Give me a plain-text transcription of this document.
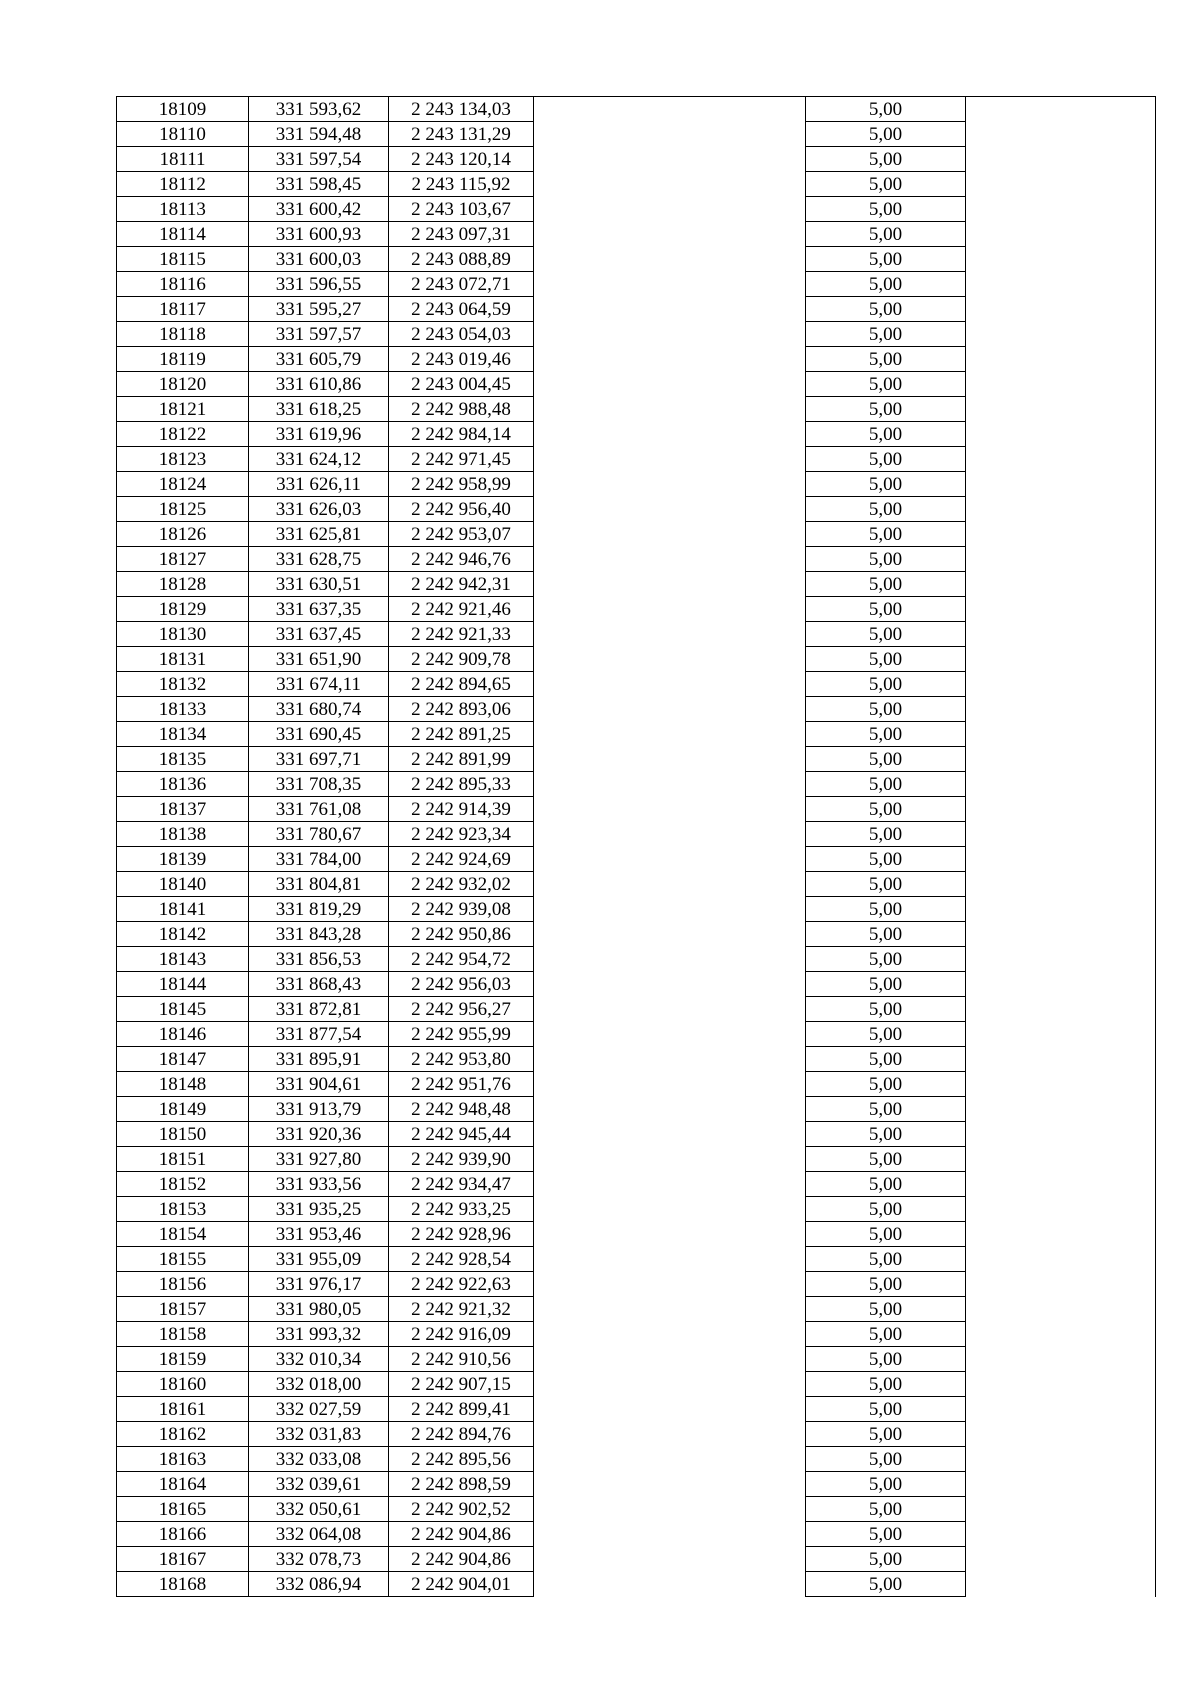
18109	331 593,62	2 243 134,03		5,00	
18110	331 594,48	2 243 131,29		5,00	
18111	331 597,54	2 243 120,14		5,00	
18112	331 598,45	2 243 115,92		5,00	
18113	331 600,42	2 243 103,67		5,00	
18114	331 600,93	2 243 097,31		5,00	
18115	331 600,03	2 243 088,89		5,00	
18116	331 596,55	2 243 072,71		5,00	
18117	331 595,27	2 243 064,59		5,00	
18118	331 597,57	2 243 054,03		5,00	
18119	331 605,79	2 243 019,46		5,00	
18120	331 610,86	2 243 004,45		5,00	
18121	331 618,25	2 242 988,48		5,00	
18122	331 619,96	2 242 984,14		5,00	
18123	331 624,12	2 242 971,45		5,00	
18124	331 626,11	2 242 958,99		5,00	
18125	331 626,03	2 242 956,40		5,00	
18126	331 625,81	2 242 953,07		5,00	
18127	331 628,75	2 242 946,76		5,00	
18128	331 630,51	2 242 942,31		5,00	
18129	331 637,35	2 242 921,46		5,00	
18130	331 637,45	2 242 921,33		5,00	
18131	331 651,90	2 242 909,78		5,00	
18132	331 674,11	2 242 894,65		5,00	
18133	331 680,74	2 242 893,06		5,00	
18134	331 690,45	2 242 891,25		5,00	
18135	331 697,71	2 242 891,99		5,00	
18136	331 708,35	2 242 895,33		5,00	
18137	331 761,08	2 242 914,39		5,00	
18138	331 780,67	2 242 923,34		5,00	
18139	331 784,00	2 242 924,69		5,00	
18140	331 804,81	2 242 932,02		5,00	
18141	331 819,29	2 242 939,08		5,00	
18142	331 843,28	2 242 950,86		5,00	
18143	331 856,53	2 242 954,72		5,00	
18144	331 868,43	2 242 956,03		5,00	
18145	331 872,81	2 242 956,27		5,00	
18146	331 877,54	2 242 955,99		5,00	
18147	331 895,91	2 242 953,80		5,00	
18148	331 904,61	2 242 951,76		5,00	
18149	331 913,79	2 242 948,48		5,00	
18150	331 920,36	2 242 945,44		5,00	
18151	331 927,80	2 242 939,90		5,00	
18152	331 933,56	2 242 934,47		5,00	
18153	331 935,25	2 242 933,25		5,00	
18154	331 953,46	2 242 928,96		5,00	
18155	331 955,09	2 242 928,54		5,00	
18156	331 976,17	2 242 922,63		5,00	
18157	331 980,05	2 242 921,32		5,00	
18158	331 993,32	2 242 916,09		5,00	
18159	332 010,34	2 242 910,56		5,00	
18160	332 018,00	2 242 907,15		5,00	
18161	332 027,59	2 242 899,41		5,00	
18162	332 031,83	2 242 894,76		5,00	
18163	332 033,08	2 242 895,56		5,00	
18164	332 039,61	2 242 898,59		5,00	
18165	332 050,61	2 242 902,52		5,00	
18166	332 064,08	2 242 904,86		5,00	
18167	332 078,73	2 242 904,86		5,00	
18168	332 086,94	2 242 904,01		5,00	
